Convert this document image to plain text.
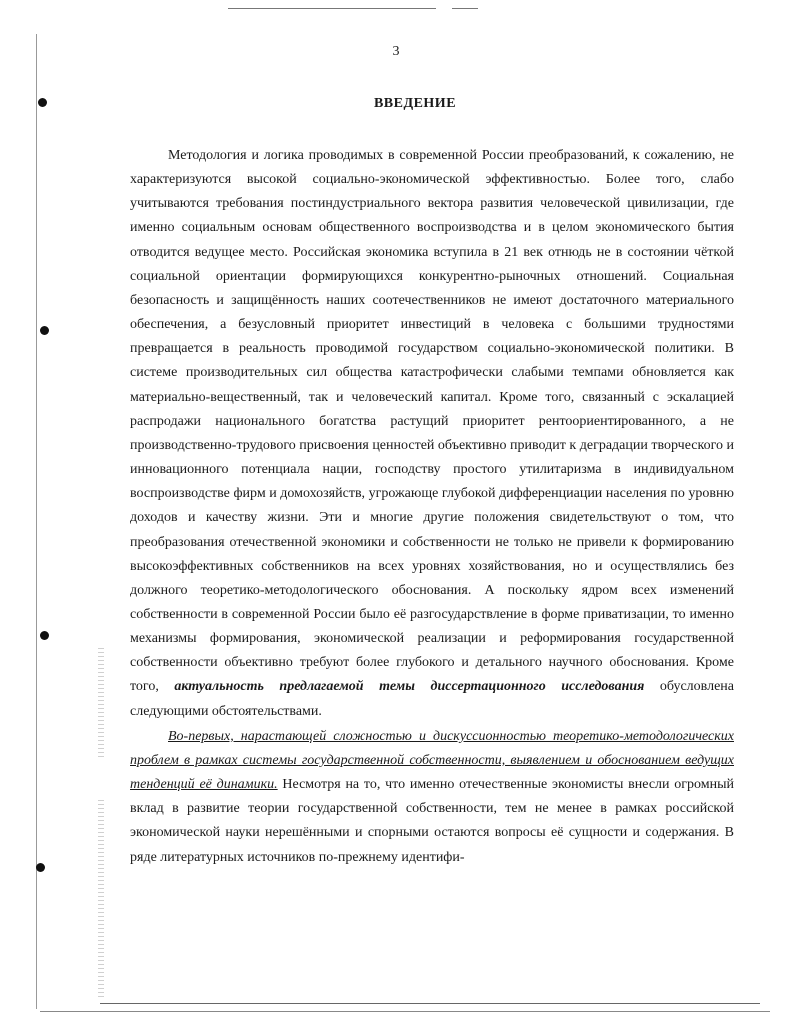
3
ВВЕДЕНИЕ

Методология и логика проводимых в современной России преобразований, к сожалению, не характеризуются высокой социально-экономической эффективностью. Более того, слабо учитываются требования постиндустриального вектора развития человеческой цивилизации, где именно социальным основам общественного воспроизводства и в целом экономического бытия отводится ведущее место. Российская экономика вступила в 21 век отнюдь не в состоянии чёткой социальной ориентации формирующихся конкурентно-рыночных отношений. Социальная безопасность и защищённость наших соотечественников не имеют достаточного материального обеспечения, а безусловный приоритет инвестиций в человека с большими трудностями превращается в реальность проводимой государством социально-экономической политики. В системе производительных сил общества катастрофически слабыми темпами обновляется как материально-вещественный, так и человеческий капитал. Кроме того, связанный с эскалацией распродажи национального богатства растущий приоритет рентоориентированного, а не производственно-трудового присвоения ценностей объективно приводит к деградации творческого и инновационного потенциала нации, господству простого утилитаризма в индивидуальном воспроизводстве фирм и домохозяйств, угрожающе глубокой дифференциации населения по уровню доходов и качеству жизни. Эти и многие другие положения свидетельствуют о том, что преобразования отечественной экономики и собственности не только не привели к формированию высокоэффективных собственников на всех уровнях хозяйствования, но и осуществлялись без должного теоретико-методологического обоснования. А поскольку ядром всех изменений собственности в современной России было её разгосударствление в форме приватизации, то именно механизмы формирования, экономической реализации и реформирования государственной собственности объективно требуют более глубокого и детального научного обоснования. Кроме того, актуальность предлагаемой темы диссертационного исследования обусловлена следующими обстоятельствами.

Во-первых, нарастающей сложностью и дискуссионностью теоретико-методологических проблем в рамках системы государственной собственности, выявлением и обоснованием ведущих тенденций её динамики. Несмотря на то, что именно отечественные экономисты внесли огромный вклад в развитие теории государственной собственности, тем не менее в рамках российской экономической науки нерешёнными и спорными остаются вопросы её сущности и содержания. В ряде литературных источников по-прежнему идентифи-
